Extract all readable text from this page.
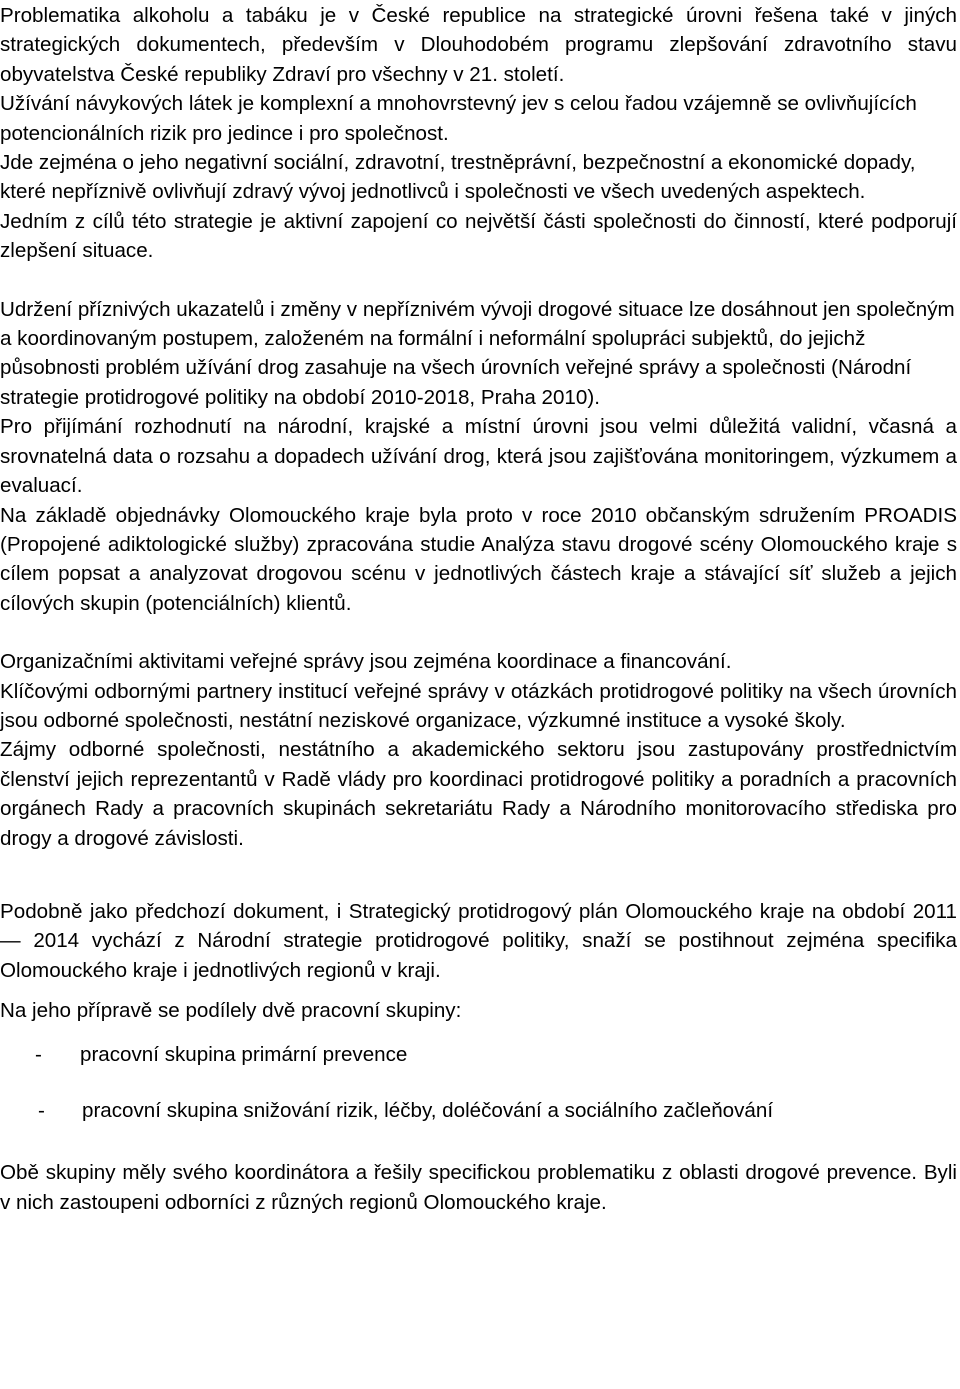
Problematika alkoholu a tabáku je v České republice na strategické úrovni řešena také v jiných strategických dokumentech, především v Dlouhodobém programu zlepšování zdravotního stavu obyvatelstva České republiky Zdraví pro všechny v 21. století.

Užívání návykových látek je komplexní a mnohovrstevný jev s celou řadou vzájemně se ovlivňujících potencionálních rizik pro jedince i pro společnost.

Jde zejména o jeho negativní sociální, zdravotní, trestněprávní, bezpečnostní a ekonomické dopady, které nepříznivě ovlivňují zdravý vývoj jednotlivců i společnosti ve všech uvedených aspektech.

Jedním z cílů této strategie je aktivní zapojení co největší části společnosti do činností, které podporují zlepšení situace.

Udržení příznivých ukazatelů i změny v nepříznivém vývoji drogové situace lze dosáhnout jen společným a koordinovaným postupem, založeném na formální i neformální spolupráci subjektů, do jejichž působnosti problém užívání drog zasahuje na všech úrovních veřejné správy a společnosti (Národní strategie protidrogové politiky na období 2010-2018, Praha 2010).

Pro přijímání rozhodnutí na národní, krajské a místní úrovni jsou velmi důležitá validní, včasná a srovnatelná data o rozsahu a dopadech užívání drog, která jsou zajišťována monitoringem, výzkumem a evaluací.

Na základě objednávky Olomouckého kraje byla proto v roce 2010 občanským sdružením PROADIS (Propojené adiktologické služby) zpracována studie Analýza stavu drogové scény Olomouckého kraje s cílem popsat a analyzovat drogovou scénu v jednotlivých částech kraje a stávající síť služeb a jejich cílových skupin (potenciálních) klientů.

Organizačními aktivitami veřejné správy jsou zejména koordinace a financování.

Klíčovými odbornými partnery institucí veřejné správy v otázkách protidrogové politiky na všech úrovních jsou odborné společnosti, nestátní neziskové organizace, výzkumné instituce a vysoké školy.

Zájmy odborné společnosti, nestátního a akademického sektoru jsou zastupovány prostřednictvím členství jejich reprezentantů v Radě vlády pro koordinaci protidrogové politiky a poradních a pracovních orgánech Rady a pracovních skupinách sekretariátu Rady a Národního monitorovacího střediska pro drogy a drogové závislosti.

Podobně jako předchozí dokument, i Strategický protidrogový plán Olomouckého kraje na období 2011 — 2014 vychází z Národní strategie protidrogové politiky, snaží se postihnout zejména specifika Olomouckého kraje i jednotlivých regionů v kraji.

Na jeho přípravě se podílely dvě pracovní skupiny:

-	pracovní skupina primární prevence
-	pracovní skupina snižování rizik, léčby, doléčování a sociálního začleňování

Obě skupiny měly svého koordinátora a řešily specificko​u problematiku z oblasti drogové prevence. Byli v nich zastoupeni odborníci z různých regionů Olomouckého kraje.
